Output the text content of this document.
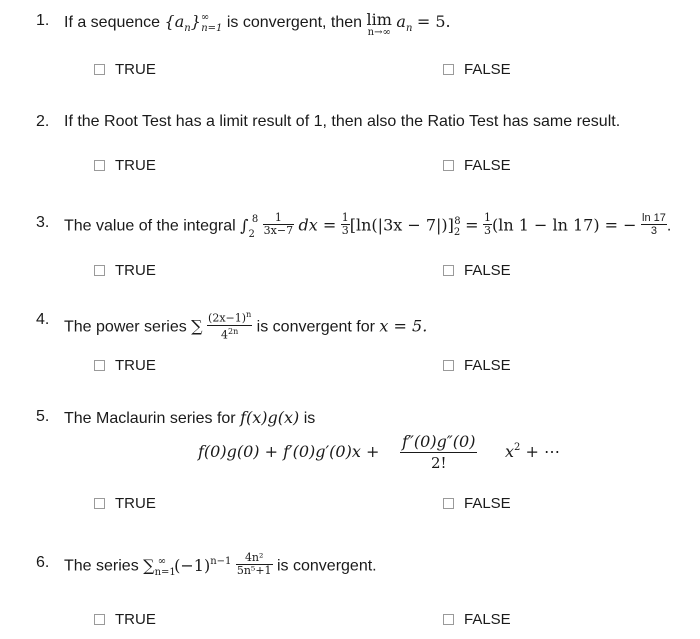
1. If a sequence $\{a_n\}^\infty_{n=1}$ is convergent, then lim
n→∞
$a_n = 5$.
TRUE	FALSE
2. If the Root Test has a limit result of 1, then also the Ratio Test has same result.
TRUE	FALSE
3. The value of the integral $\int_2^8 \frac{1}{3x-7}$ dx = $\frac{1}{3} [\ln(|3x - 7|)]_2^8 = \frac{1}{3} (\ln$ 1 − ln 17) = − $\frac{\ln 17}{3}$ .
TRUE	FALSE
4. The power series ∑ $\frac{(2x-1)^n}{4^{2n}}$ is convergent for x = 5.
TRUE	FALSE
5. The Maclaurin series for f(x)g(x) is
f(0)g(0) + f′(0)g′(0)x +
f″(0)g″(0)
2!
$x^2$ + ⋯
TRUE	FALSE
6. The series $\sum_{n=1}^\infty$ $(-1)^{n-1} \frac{\text{4n²}}{\text{5n⁵+1}}$ is convergent.
TRUE	FALSE
